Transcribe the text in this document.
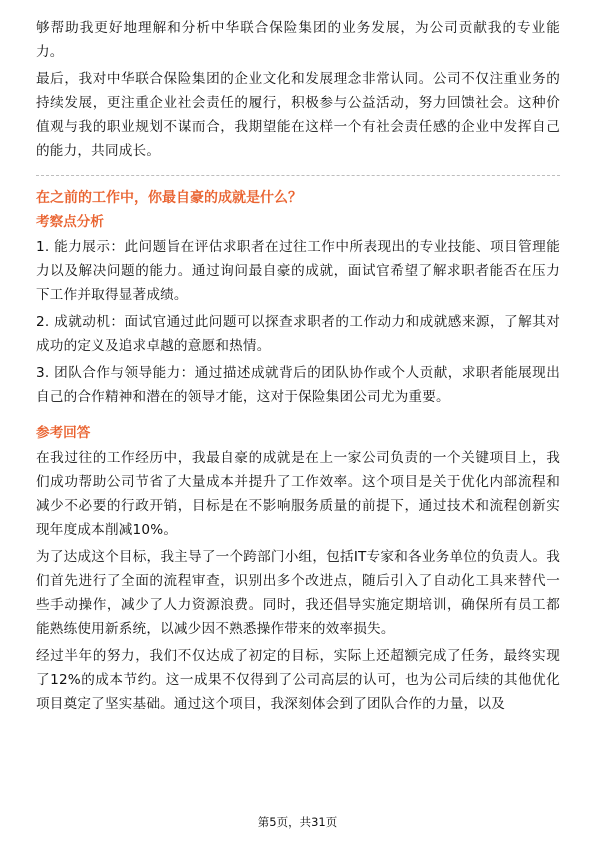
够帮助我更好地理解和分析中华联合保险集团的业务发展，为公司贡献我的专业能力。

最后，我对中华联合保险集团的企业文化和发展理念非常认同。公司不仅注重业务的持续发展，更注重企业社会责任的履行，积极参与公益活动，努力回馈社会。这种价值观与我的职业规划不谋而合，我期望能在这样一个有社会责任感的企业中发挥自己的能力，共同成长。

在之前的工作中，你最自豪的成就是什么？
考察点分析

1. 能力展示：此问题旨在评估求职者在过往工作中所表现出的专业技能、项目管理能力以及解决问题的能力。通过询问最自豪的成就，面试官希望了解求职者能否在压力下工作并取得显著成绩。

2. 成就动机：面试官通过此问题可以探查求职者的工作动力和成就感来源，了解其对成功的定义及追求卓越的意愿和热情。

3. 团队合作与领导能力：通过描述成就背后的团队协作或个人贡献，求职者能展现出自己的合作精神和潜在的领导才能，这对于保险集团公司尤为重要。

参考回答

在我过往的工作经历中，我最自豪的成就是在上一家公司负责的一个关键项目上，我们成功帮助公司节省了大量成本并提升了工作效率。这个项目是关于优化内部流程和减少不必要的行政开销，目标是在不影响服务质量的前提下，通过技术和流程创新实现年度成本削减10%。

为了达成这个目标，我主导了一个跨部门小组，包括IT专家和各业务单位的负责人。我们首先进行了全面的流程审查，识别出多个改进点，随后引入了自动化工具来替代一些手动操作，减少了人力资源浪费。同时，我还倡导实施定期培训，确保所有员工都能熟练使用新系统，以减少因不熟悉操作带来的效率损失。

经过半年的努力，我们不仅达成了初定的目标，实际上还超额完成了任务，最终实现了12%的成本节约。这一成果不仅得到了公司高层的认可，也为公司后续的其他优化项目奠定了坚实基础。通过这个项目，我深刻体会到了团队合作的力量，以及

第5页，共31页
